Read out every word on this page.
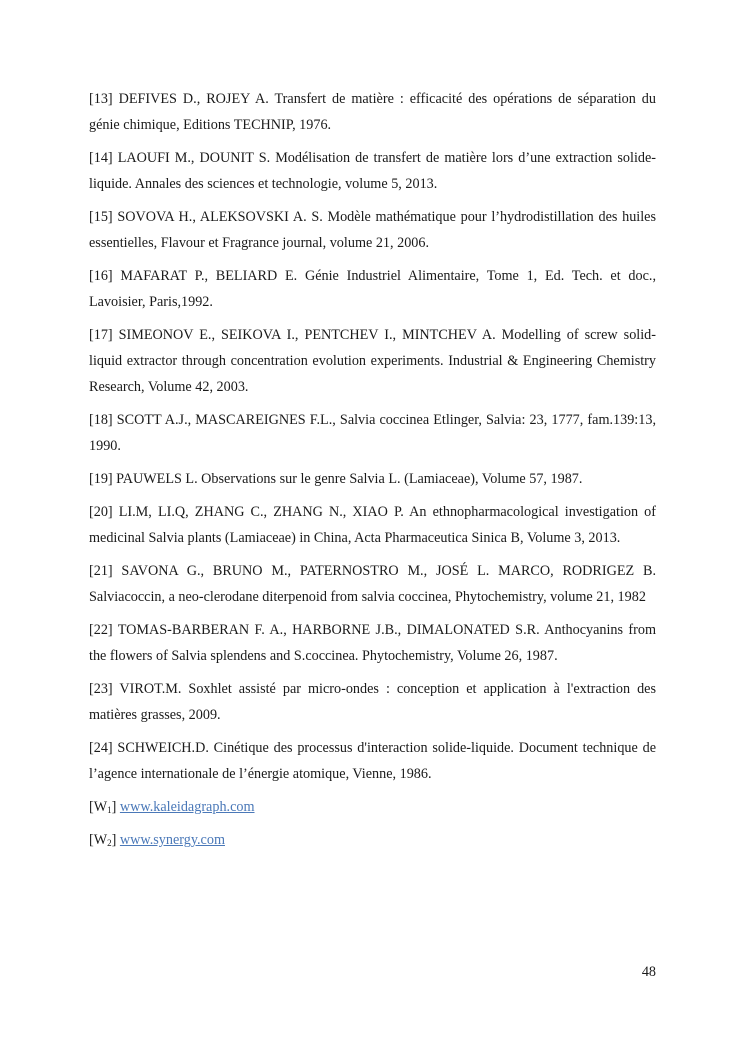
[13] DEFIVES D., ROJEY A. Transfert de matière : efficacité des opérations de séparation du génie chimique, Editions TECHNIP, 1976.

[14] LAOUFI M., DOUNIT S. Modélisation de transfert de matière lors d’une extraction solide-liquide. Annales des sciences et technologie, volume 5, 2013.

[15] SOVOVA H., ALEKSOVSKI A. S. Modèle mathématique pour l’hydrodistillation des huiles essentielles, Flavour et Fragrance journal, volume 21, 2006.

[16] MAFARAT P., BELIARD E. Génie Industriel Alimentaire, Tome 1, Ed. Tech. et doc., Lavoisier, Paris,1992.

[17] SIMEONOV E., SEIKOVA I., PENTCHEV I., MINTCHEV A. Modelling of screw solid-liquid extractor through concentration evolution experiments. Industrial & Engineering Chemistry Research, Volume 42, 2003.

[18] SCOTT A.J., MASCAREIGNES F.L., Salvia coccinea Etlinger, Salvia: 23, 1777, fam.139:13, 1990.

[19] PAUWELS L. Observations sur le genre Salvia L. (Lamiaceae), Volume 57, 1987.

[20] LI.M, LI.Q, ZHANG C., ZHANG N., XIAO P. An ethnopharmacological investigation of medicinal Salvia plants (Lamiaceae) in China, Acta Pharmaceutica Sinica B, Volume 3, 2013.

[21] SAVONA G., BRUNO M., PATERNOSTRO M., JOSÉ L. MARCO, RODRIGEZ B. Salviacoccin, a neo-clerodane diterpenoid from salvia coccinea, Phytochemistry, volume 21, 1982

[22] TOMAS-BARBERAN F. A., HARBORNE J.B., DIMALONATED S.R. Anthocyanins from the flowers of Salvia splendens and S.coccinea. Phytochemistry, Volume 26, 1987.

[23] VIROT.M. Soxhlet assisté par micro-ondes : conception et application à l'extraction des matières grasses, 2009.

[24] SCHWEICH.D. Cinétique des processus d'interaction solide-liquide. Document technique de l’agence internationale de l’énergie atomique, Vienne, 1986.

$[W_1]$ www.kaleidagraph.com

$[W_2]$ www.synergy.com

48
